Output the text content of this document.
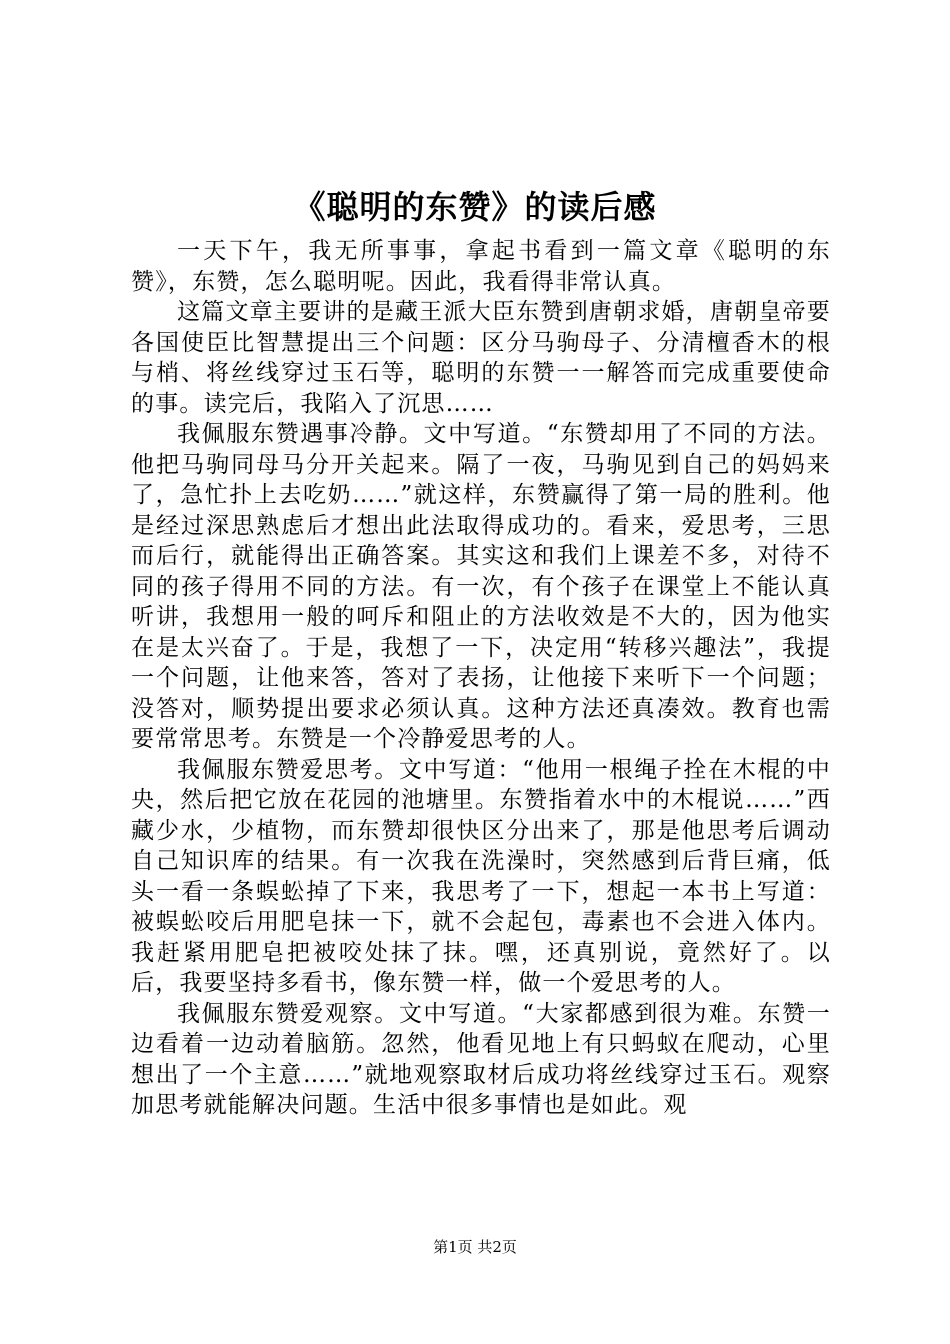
《聪明的东赞》的读后感

一天下午，我无所事事，拿起书看到一篇文章《聪明的东赞》，东赞，怎么聪明呢。因此，我看得非常认真。

这篇文章主要讲的是藏王派大臣东赞到唐朝求婚，唐朝皇帝要各国使臣比智慧提出三个问题：区分马驹母子、分清檀香木的根与梢、将丝线穿过玉石等，聪明的东赞一一解答而完成重要使命的事。读完后，我陷入了沉思……

我佩服东赞遇事冷静。文中写道。“东赞却用了不同的方法。他把马驹同母马分开关起来。隔了一夜，马驹见到自己的妈妈来了，急忙扑上去吃奶……”就这样，东赞赢得了第一局的胜利。他是经过深思熟虑后才想出此法取得成功的。看来，爱思考，三思而后行，就能得出正确答案。其实这和我们上课差不多，对待不同的孩子得用不同的方法。有一次，有个孩子在课堂上不能认真听讲，我想用一般的呵斥和阻止的方法收效是不大的，因为他实在是太兴奋了。于是，我想了一下，决定用“转移兴趣法”，我提一个问题，让他来答，答对了表扬，让他接下来听下一个问题；没答对，顺势提出要求必须认真。这种方法还真凑效。教育也需要常常思考。东赞是一个冷静爱思考的人。

我佩服东赞爱思考。文中写道：“他用一根绳子拴在木棍的中央，然后把它放在花园的池塘里。东赞指着水中的木棍说……”西藏少水，少植物，而东赞却很快区分出来了，那是他思考后调动自己知识库的结果。有一次我在洗澡时，突然感到后背巨痛，低头一看一条蜈蚣掉了下来，我思考了一下，想起一本书上写道：被蜈蚣咬后用肥皂抹一下，就不会起包，毒素也不会进入体内。我赶紧用肥皂把被咬处抹了抹。嘿，还真别说，竟然好了。以后，我要坚持多看书，像东赞一样，做一个爱思考的人。

我佩服东赞爱观察。文中写道。“大家都感到很为难。东赞一边看着一边动着脑筋。忽然，他看见地上有只蚂蚁在爬动，心里想出了一个主意……”就地观察取材后成功将丝线穿过玉石。观察加思考就能解决问题。生活中很多事情也是如此。观

第1页 共2页
